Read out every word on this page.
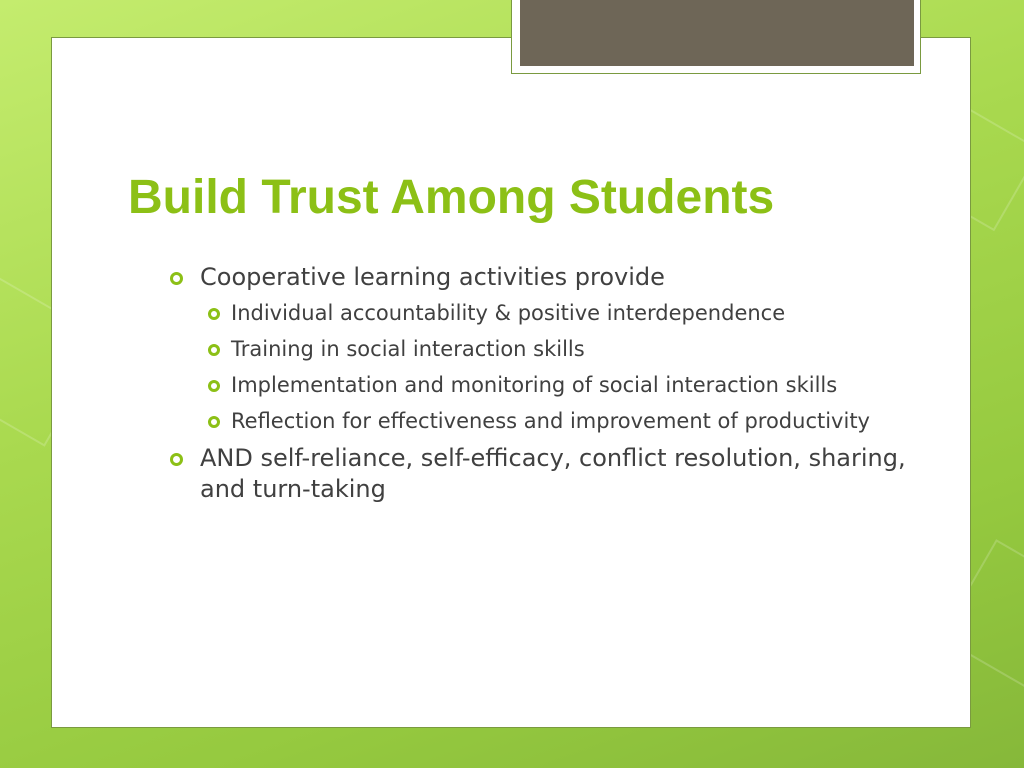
Build Trust Among Students
Cooperative learning activities provide
Individual accountability & positive interdependence
Training in social interaction skills
Implementation and monitoring of social interaction skills
Reflection for effectiveness and improvement of productivity
AND self-reliance, self-efficacy, conflict resolution, sharing, and turn-taking
